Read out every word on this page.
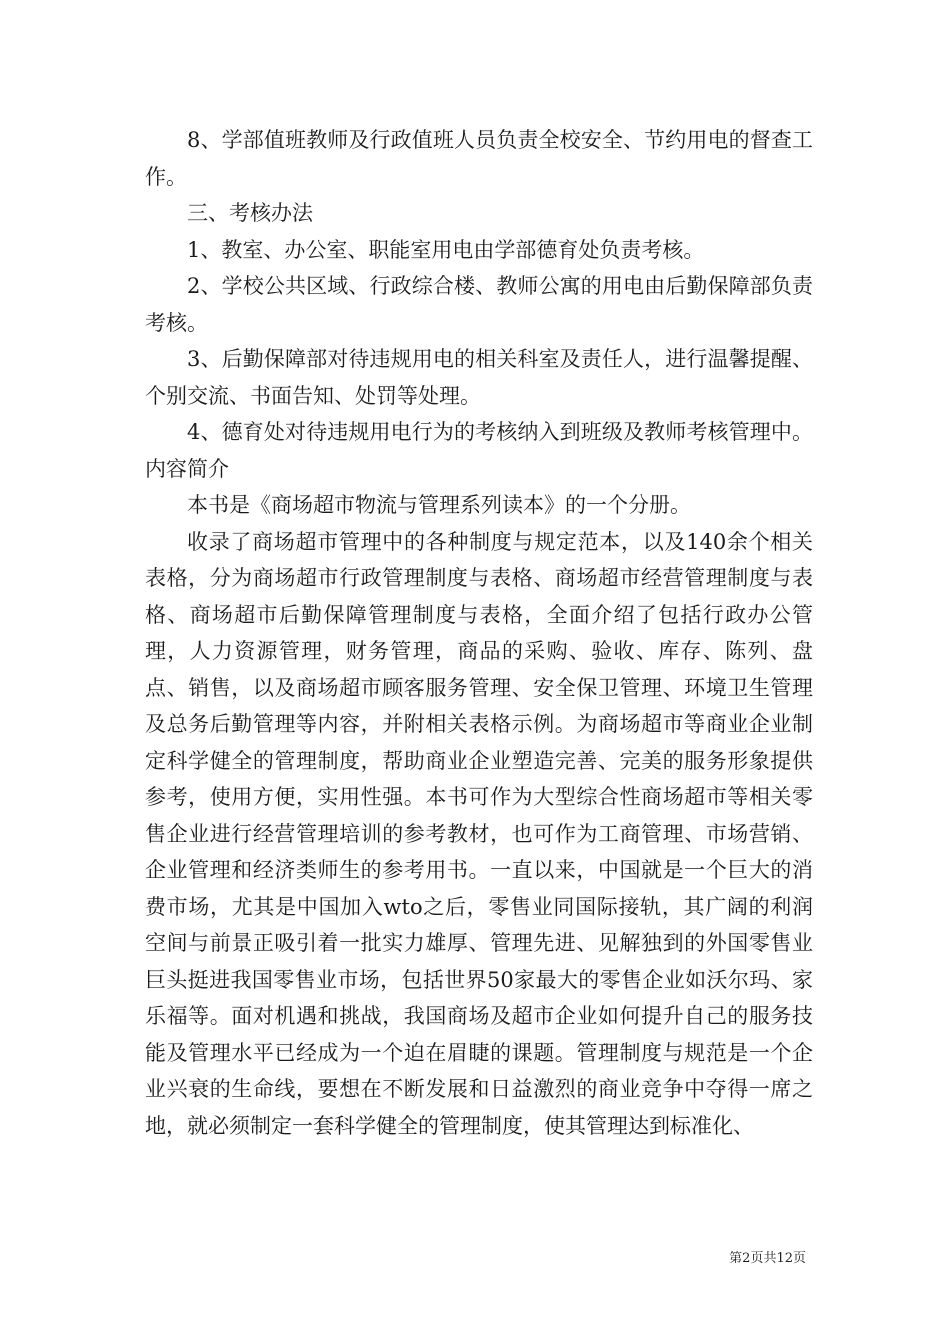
8、学部值班教师及行政值班人员负责全校安全、节约用电的督查工作。

三、考核办法

1、教室、办公室、职能室用电由学部德育处负责考核。

2、学校公共区域、行政综合楼、教师公寓的用电由后勤保障部负责考核。

3、后勤保障部对待违规用电的相关科室及责任人，进行温馨提醒、个别交流、书面告知、处罚等处理。

4、德育处对待违规用电行为的考核纳入到班级及教师考核管理中。内容简介

本书是《商场超市物流与管理系列读本》的一个分册。

收录了商场超市管理中的各种制度与规定范本，以及140余个相关表格，分为商场超市行政管理制度与表格、商场超市经营管理制度与表格、商场超市后勤保障管理制度与表格，全面介绍了包括行政办公管理，人力资源管理，财务管理，商品的采购、验收、库存、陈列、盘点、销售，以及商场超市顾客服务管理、安全保卫管理、环境卫生管理及总务后勤管理等内容，并附相关表格示例。为商场超市等商业企业制定科学健全的管理制度，帮助商业企业塑造完善、完美的服务形象提供参考，使用方便，实用性强。本书可作为大型综合性商场超市等相关零售企业进行经营管理培训的参考教材，也可作为工商管理、市场营销、企业管理和经济类师生的参考用书。一直以来，中国就是一个巨大的消费市场，尤其是中国加入wto之后，零售业同国际接轨，其广阔的利润空间与前景正吸引着一批实力雄厚、管理先进、见解独到的外国零售业巨头挺进我国零售业市场，包括世界50家最大的零售企业如沃尔玛、家乐福等。面对机遇和挑战，我国商场及超市企业如何提升自己的服务技能及管理水平已经成为一个迫在眉睫的课题。管理制度与规范是一个企业兴衰的生命线，要想在不断发展和日益激烈的商业竞争中夺得一席之地，就必须制定一套科学健全的管理制度，使其管理达到标准化、

第2页共12页
